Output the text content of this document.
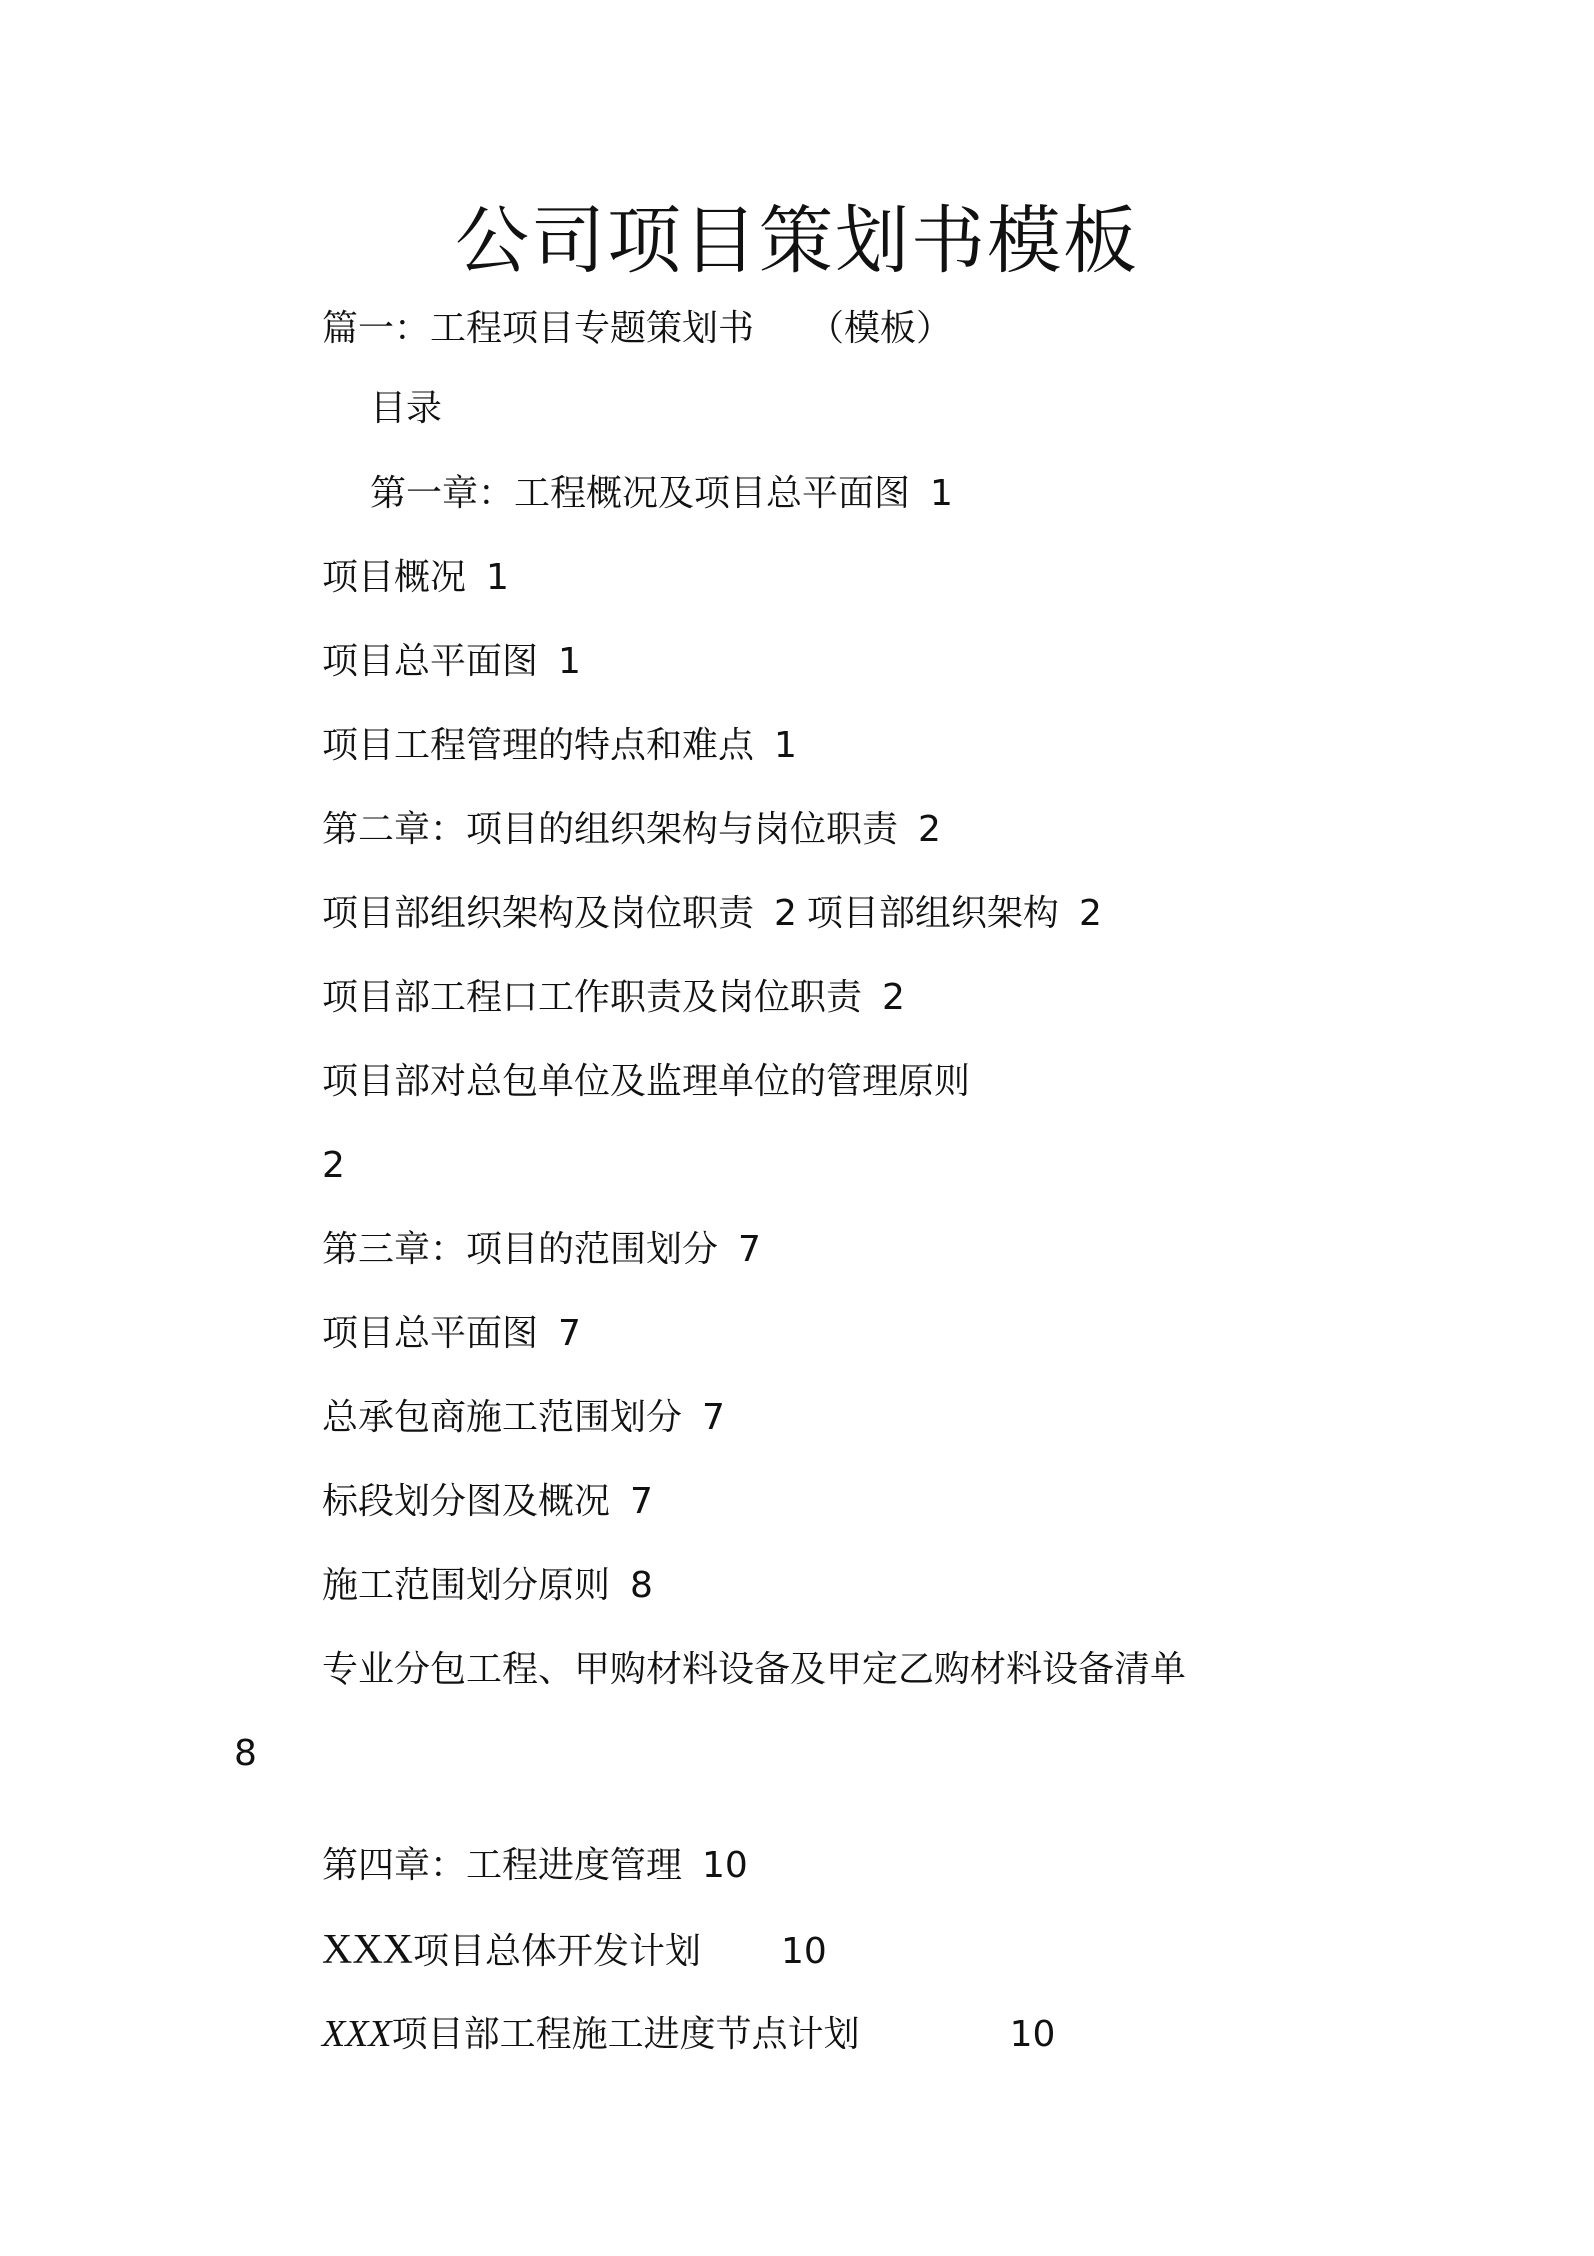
公司项目策划书模板
篇一：工程项目专题策划书 （模板）
目录
第一章：工程概况及项目总平面图 1
项目概况 1
项目总平面图 1
项目工程管理的特点和难点 1
第二章：项目的组织架构与岗位职责 2
项目部组织架构及岗位职责 2 项目部组织架构 2
项目部工程口工作职责及岗位职责 2
项目部对总包单位及监理单位的管理原则
2
第三章：项目的范围划分 7
项目总平面图 7
总承包商施工范围划分 7
标段划分图及概况 7
施工范围划分原则 8
专业分包工程、甲购材料设备及甲定乙购材料设备清单
8
第四章：工程进度管理 10
XXX项目总体开发计划 10
XXX项目部工程施工进度节点计划	10
